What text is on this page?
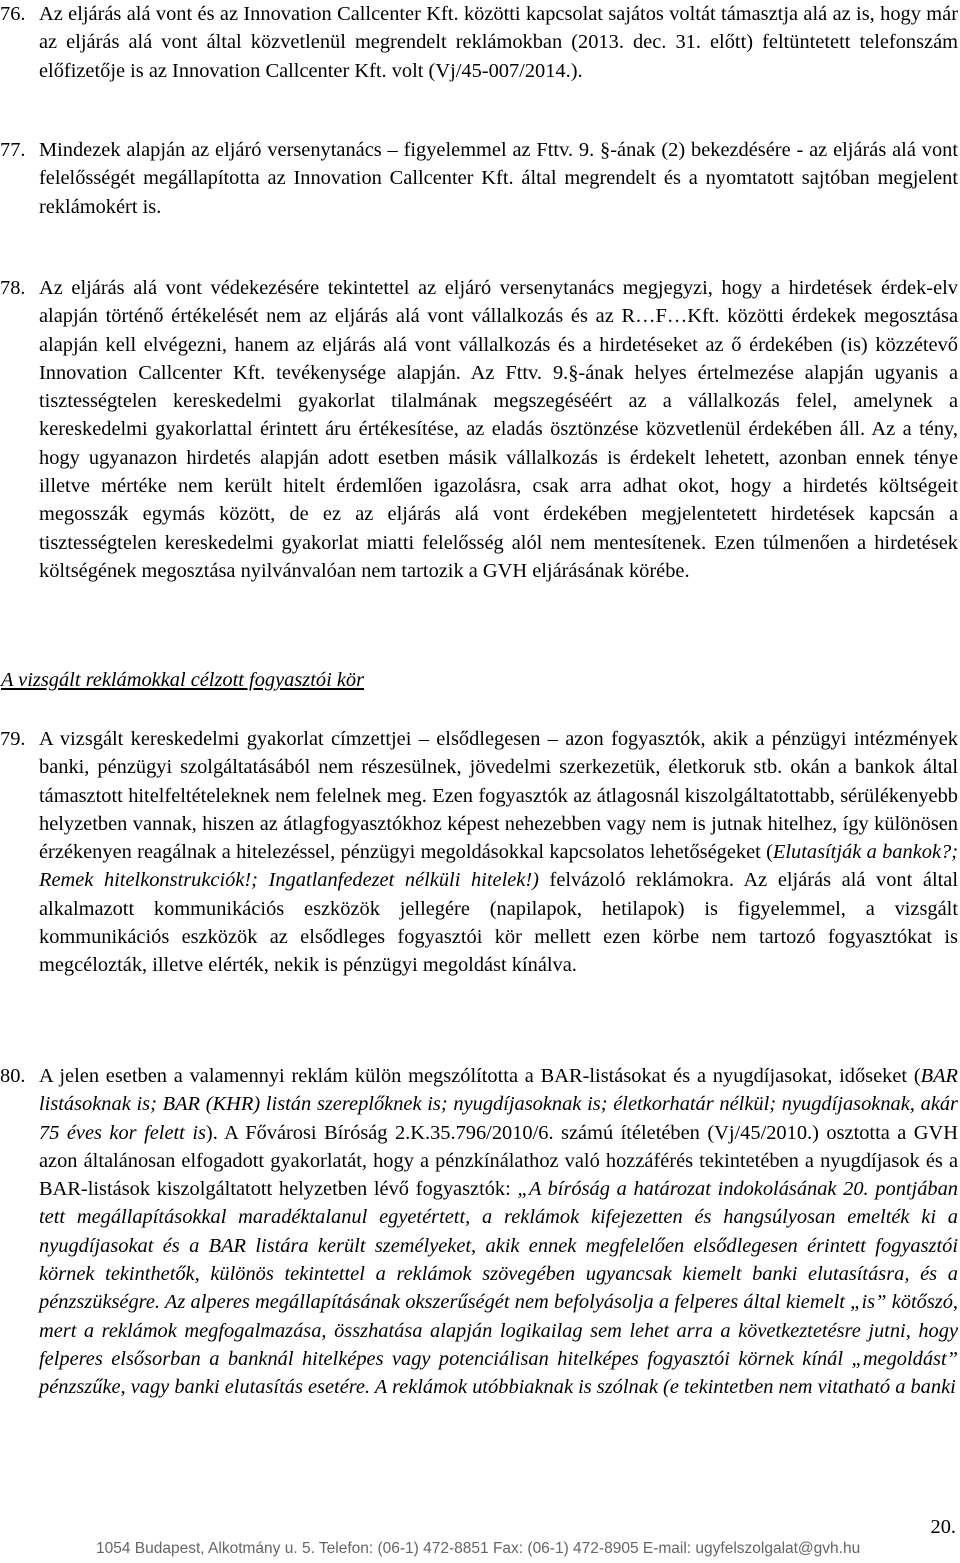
76. Az eljárás alá vont és az Innovation Callcenter Kft. közötti kapcsolat sajátos voltát támasztja alá az is, hogy már az eljárás alá vont által közvetlenül megrendelt reklámokban (2013. dec. 31. előtt) feltüntetett telefonszám előfizetője is az Innovation Callcenter Kft. volt (Vj/45-007/2014.).
77. Mindezek alapján az eljáró versenytanács – figyelemmel az Fttv. 9. §-ának (2) bekezdésére - az eljárás alá vont felelősségét megállapította az Innovation Callcenter Kft. által megrendelt és a nyomtatott sajtóban megjelent reklámokért is.
78. Az eljárás alá vont védekezésére tekintettel az eljáró versenytanács megjegyzi, hogy a hirdetések érdek-elv alapján történő értékelését nem az eljárás alá vont vállalkozás és az R…F…Kft. közötti érdekek megosztása alapján kell elvégezni, hanem az eljárás alá vont vállalkozás és a hirdetéseket az ő érdekében (is) közzétevő Innovation Callcenter Kft. tevékenysége alapján. Az Fttv. 9.§-ának helyes értelmezése alapján ugyanis a tisztességtelen kereskedelmi gyakorlat tilalmának megszegéséért az a vállalkozás felel, amelynek a kereskedelmi gyakorlattal érintett áru értékesítése, az eladás ösztönzése közvetlenül érdekében áll. Az a tény, hogy ugyanazon hirdetés alapján adott esetben másik vállalkozás is érdekelt lehetett, azonban ennek ténye illetve mértéke nem került hitelt érdemlően igazolásra, csak arra adhat okot, hogy a hirdetés költségeit megosszák egymás között, de ez az eljárás alá vont érdekében megjelentetett hirdetések kapcsán a tisztességtelen kereskedelmi gyakorlat miatti felelősség alól nem mentesítenek. Ezen túlmenően a hirdetések költségének megosztása nyilvánvalóan nem tartozik a GVH eljárásának körébe.
A vizsgált reklámokkal célzott fogyasztói kör
79. A vizsgált kereskedelmi gyakorlat címzettjei – elsődlegesen – azon fogyasztók, akik a pénzügyi intézmények banki, pénzügyi szolgáltatásából nem részesülnek, jövedelmi szerkezetük, életkoruk stb. okán a bankok által támasztott hitelfeltételeknek nem felelnek meg. Ezen fogyasztók az átlagosnál kiszolgáltatottabb, sérülékenyebb helyzetben vannak, hiszen az átlagfogyasztókhoz képest nehezebben vagy nem is jutnak hitelhez, így különösen érzékenyen reagálnak a hitelezéssel, pénzügyi megoldásokkal kapcsolatos lehetőségeket (Elutasítják a bankok?; Remek hitelkonstrukciók!; Ingatlanfedezet nélküli hitelek!) felvázoló reklámokra. Az eljárás alá vont által alkalmazott kommunikációs eszközök jellegére (napilapok, hetilapok) is figyelemmel, a vizsgált kommunikációs eszközök az elsődleges fogyasztói kör mellett ezen körbe nem tartozó fogyasztókat is megcélozták, illetve elérték, nekik is pénzügyi megoldást kínálva.
80. A jelen esetben a valamennyi reklám külön megszólította a BAR-listásokat és a nyugdíjasokat, időseket (BAR listásoknak is; BAR (KHR) listán szereplőknek is; nyugdíjasoknak is; életkorhatár nélkül; nyugdíjasoknak, akár 75 éves kor felett is). A Fővárosi Bíróság 2.K.35.796/2010/6. számú ítéletében (Vj/45/2010.) osztotta a GVH azon általánosan elfogadott gyakorlatát, hogy a pénzkínálathoz való hozzáférés tekintetében a nyugdíjasok és a BAR-listások kiszolgáltatott helyzetben lévő fogyasztók: „A bíróság a határozat indokolásának 20. pontjában tett megállapításokkal maradéktalanul egyetértett, a reklámok kifejezetten és hangsúlyosan emelték ki a nyugdíjasokat és a BAR listára került személyeket, akik ennek megfelelően elsődlegesen érintett fogyasztói körnek tekinthetők, különös tekintettel a reklámok szövegében ugyancsak kiemelt banki elutasításra, és a pénzszükségre. Az alperes megállapításának okszerűségét nem befolyásolja a felperes által kiemelt „is” kötőszó, mert a reklámok megfogalmazása, összhatása alapján logikailag sem lehet arra a következtetésre jutni, hogy felperes elsősorban a banknál hitelképes vagy potenciálisan hitelképes fogyasztói körnek kínál „megoldást” pénzszűke, vagy banki elutasítás esetére. A reklámok utóbbiaknak is szólnak (e tekintetben nem vitatható a banki
20.
1054 Budapest, Alkotmány u. 5. Telefon: (06-1) 472-8851 Fax: (06-1) 472-8905 E-mail: ugyfelszolgalat@gvh.hu
